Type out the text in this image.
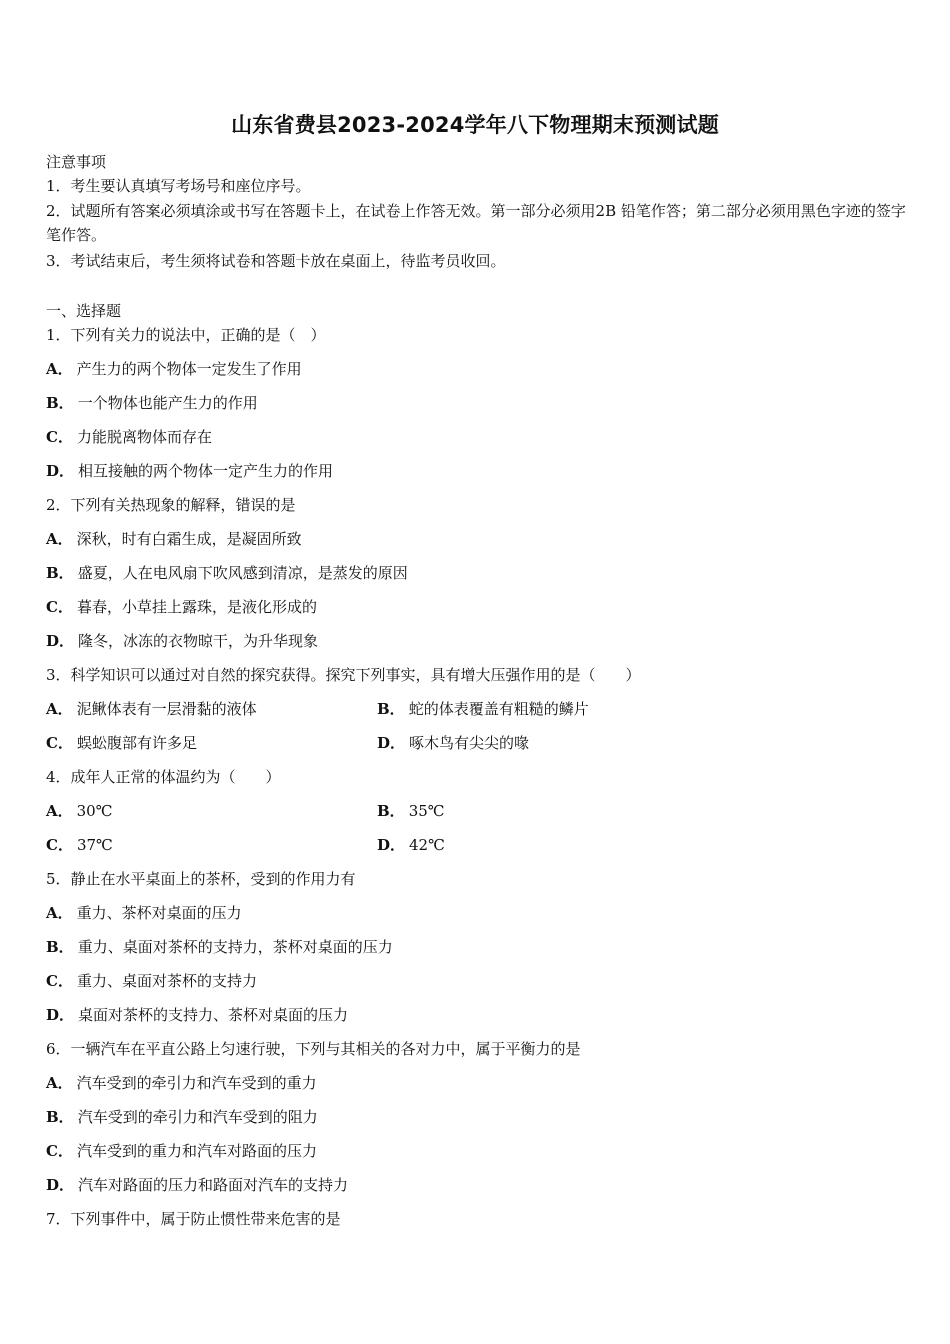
山东省费县2023-2024学年八下物理期末预测试题
注意事项
1．考生要认真填写考场号和座位序号。
2．试题所有答案必须填涂或书写在答题卡上，在试卷上作答无效。第一部分必须用2B 铅笔作答；第二部分必须用黑色字迹的签字笔作答。
3．考试结束后，考生须将试卷和答题卡放在桌面上，待监考员收回。
一、选择题
1．下列有关力的说法中，正确的是（　）
A． 产生力的两个物体一定发生了作用
B． 一个物体也能产生力的作用
C． 力能脱离物体而存在
D． 相互接触的两个物体一定产生力的作用
2．下列有关热现象的解释，错误的是
A． 深秋，时有白霜生成，是凝固所致
B． 盛夏，人在电风扇下吹风感到清凉，是蒸发的原因
C． 暮春，小草挂上露珠，是液化形成的
D． 隆冬，冰冻的衣物晾干，为升华现象
3．科学知识可以通过对自然的探究获得。探究下列事实，具有增大压强作用的是（　　）
A． 泥鳅体表有一层滑黏的液体	B． 蛇的体表覆盖有粗糙的鳞片
C． 蜈蚣腹部有许多足	D． 啄木鸟有尖尖的喙
4．成年人正常的体温约为（　　）
A． 30℃	B． 35℃
C． 37℃	D． 42℃
5．静止在水平桌面上的茶杯，受到的作用力有
A． 重力、茶杯对桌面的压力
B． 重力、桌面对茶杯的支持力，茶杯对桌面的压力
C． 重力、桌面对茶杯的支持力
D． 桌面对茶杯的支持力、茶杯对桌面的压力
6．一辆汽车在平直公路上匀速行驶，下列与其相关的各对力中，属于平衡力的是
A． 汽车受到的牵引力和汽车受到的重力
B． 汽车受到的牵引力和汽车受到的阻力
C． 汽车受到的重力和汽车对路面的压力
D． 汽车对路面的压力和路面对汽车的支持力
7．下列事件中，属于防止惯性带来危害的是
